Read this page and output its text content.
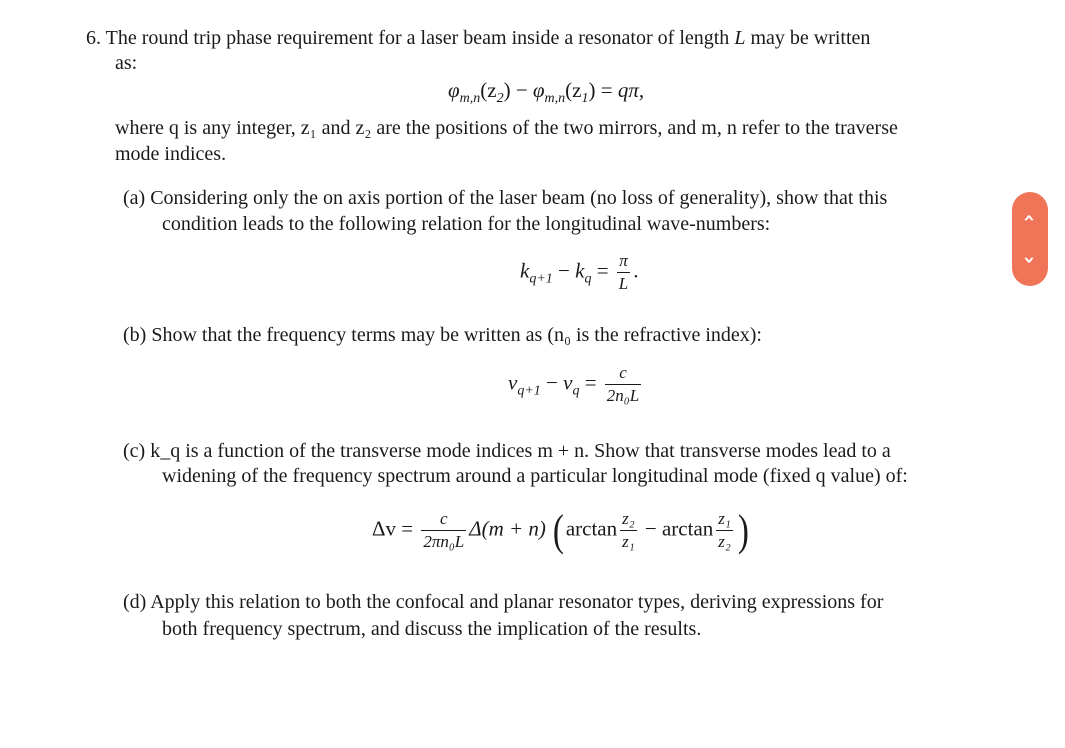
6. The round trip phase requirement for a laser beam inside a resonator of length L may be written
as:
$\varphi_{m,n}(z_2) - \varphi_{m,n}(z_1) = q\pi$,
where q is any integer, z₁ and z₂ are the positions of the two mirrors, and m, n refer to the traverse
mode indices.
(a) Considering only the on axis portion of the laser beam (no loss of generality), show that this
condition leads to the following relation for the longitudinal wave-numbers:
$k_{q+1} - k_q = \frac{\pi}{L}$ .
(b) Show that the frequency terms may be written as (n₀ is the refractive index):
$v_{q+1} - v_q = \frac{c}{\text{2n₀L}}$
(c) k_q is a function of the transverse mode indices m + n. Show that transverse modes lead to a
widening of the frequency spectrum around a particular longitudinal mode (fixed q value) of:
$\Delta v = \frac{c}{\text{2πn₀L}} \Delta(m + n)$ ($\arctan \frac{\text{z₂}}{\text{z₁}} - \arctan \frac{\text{z₁}}{\text{z₂}}$ )
(d) Apply this relation to both the confocal and planar resonator types, deriving expressions for
both frequency spectrum, and discuss the implication of the results.
‹
›
